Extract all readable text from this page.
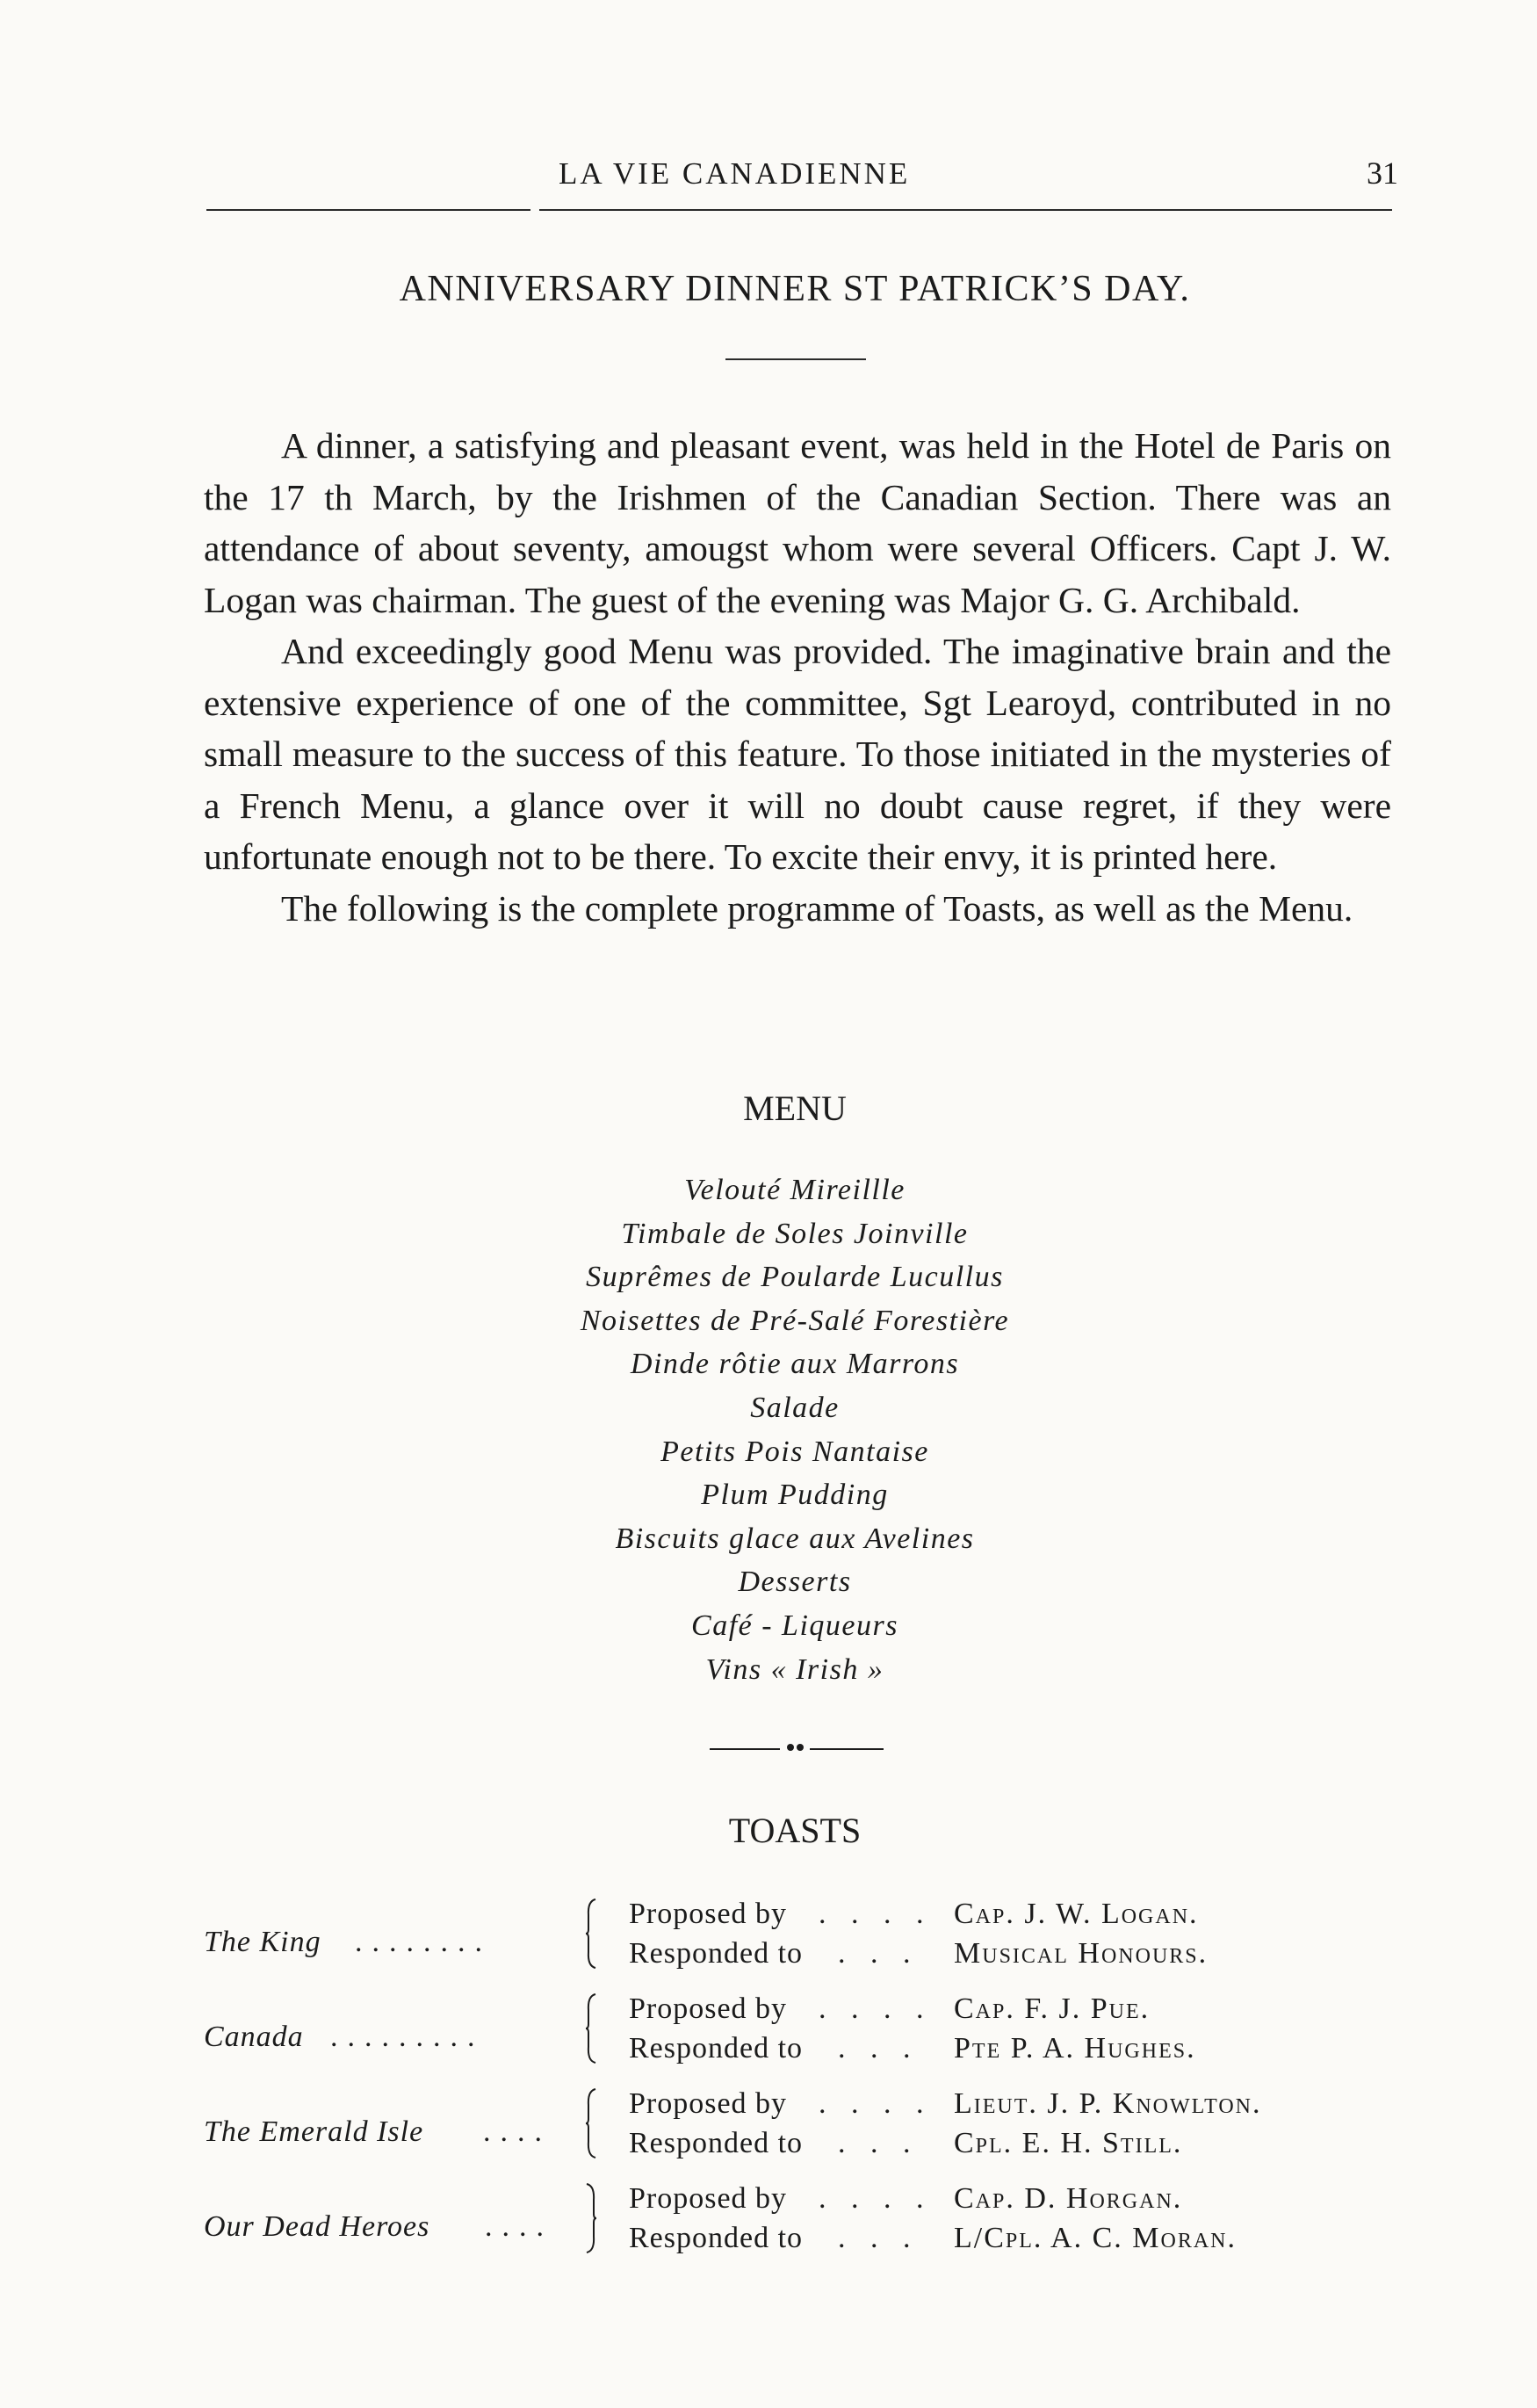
LA VIE CANADIENNE	31
ANNIVERSARY DINNER ST PATRICK’S DAY.

A dinner, a satisfying and pleasant event, was held in the Hotel de Paris on the 17 th March, by the Irishmen of the Canadian Section. There was an attendance of about seventy, amougst whom were several Officers. Capt J. W. Logan was chairman. The guest of the evening was Major G. G. Archibald.

And exceedingly good Menu was provided. The imaginative brain and the extensive experience of one of the committee, Sgt Learoyd, contributed in no small measure to the success of this feature. To those initiated in the mysteries of a French Menu, a glance over it will no doubt cause regret, if they were unfortunate enough not to be there. To excite their envy, it is printed here.

The following is the complete programme of Toasts, as well as the Menu.

MENU
Velouté Mireillle
Timbale de Soles Joinville
Suprêmes de Poularde Lucullus
Noisettes de Pré-Salé Forestière
Dinde rôtie aux Marrons
Salade
Petits Pois Nantaise
Plum Pudding
Biscuits glace aux Avelines
Desserts
Café - Liqueurs
Vins « Irish »
TOASTS
The King ........
Proposed by . . . . Cap. J. W. Logan.
Responded to . . . Musical Honours.
Canada .........
Proposed by . . . . Cap. F. J. Pue.
Responded to . . . Pte P. A. Hughes.
The Emerald Isle ....
Proposed by . . . . Lieut. J. P. Knowlton.
Responded to . . . Cpl. E. H. Still.
Our Dead Heroes ....
Proposed by . . . . Cap. D. Horgan.
Responded to . . . L/Cpl. A. C. Moran.
